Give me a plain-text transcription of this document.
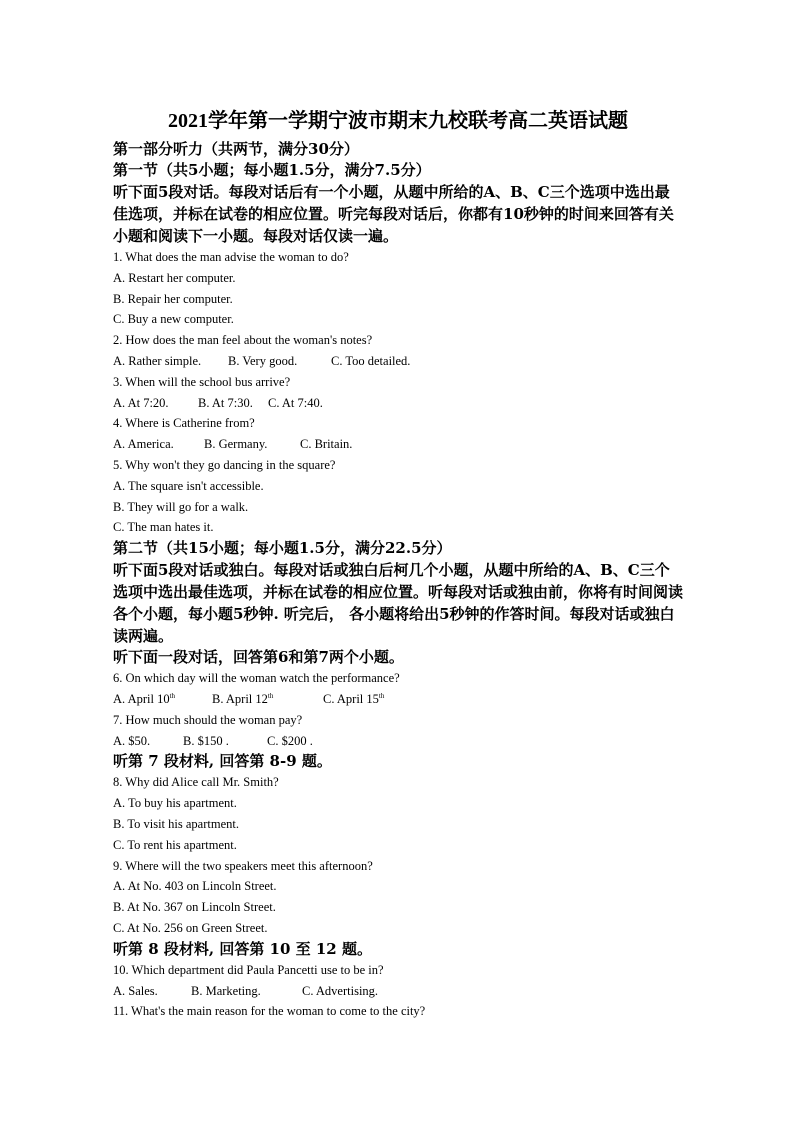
2021学年第一学期宁波市期末九校联考高二英语试题
第一部分听力（共两节，满分30分）
第一节（共5小题；每小题1.5分，满分7.5分）
听下面5段对话。每段对话后有一个小题，从题中所给的A、B、C三个选项中选出最佳选项，并标在试卷的相应位置。听完每段对话后，你都有10秒钟的时间来回答有关小题和阅读下一小题。每段对话仅读一遍。
1. What does the man advise the woman to do?
A. Restart her computer.
B. Repair her computer.
C. Buy a new computer.
2. How does the man feel about the woman's notes?
A. Rather simple. B. Very good.	C. Too detailed.
3. When will the school bus arrive?
A. At 7:20. B. At 7:30. C. At 7:40.
4. Where is Catherine from?
A. America. B. Germany.	C. Britain.
5. Why won't they go dancing in the square?
A. The square isn't accessible.
B. They will go for a walk.
C. The man hates it.
第二节（共15小题；每小题1.5分，满分22.5分）
听下面5段对话或独白。每段对话或独白后柯几个小题，从题中所给的A、B、C三个选项中选出最佳选项，并标在试卷的相应位置。听每段对话或独由前，你将有时间阅读各个小题，每小题5秒钟. 听完后， 各小题将给出5秒钟的作答时间。每段对话或独白读两遍。
听下面一段对话，回答第6和第7两个小题。
6. On which day will the woman watch the performance?
A. April 10th	B. April 12th	C. April 15th
7. How much should the woman pay?
A. $50.	B. $150 .	C. $200 .
听第 7 段材料, 回答第 8-9 题。
8. Why did Alice call Mr. Smith?
A. To buy his apartment.
B. To visit his apartment.
C. To rent his apartment.
9. Where will the two speakers meet this afternoon?
A. At No. 403 on Lincoln Street.
B. At No. 367 on Lincoln Street.
C. At No. 256 on Green Street.
听第 8 段材料, 回答第 10 至 12 题。
10. Which department did Paula Pancetti use to be in?
A. Sales.	B. Marketing.	C. Advertising.
11. What's the main reason for the woman to come to the city?
